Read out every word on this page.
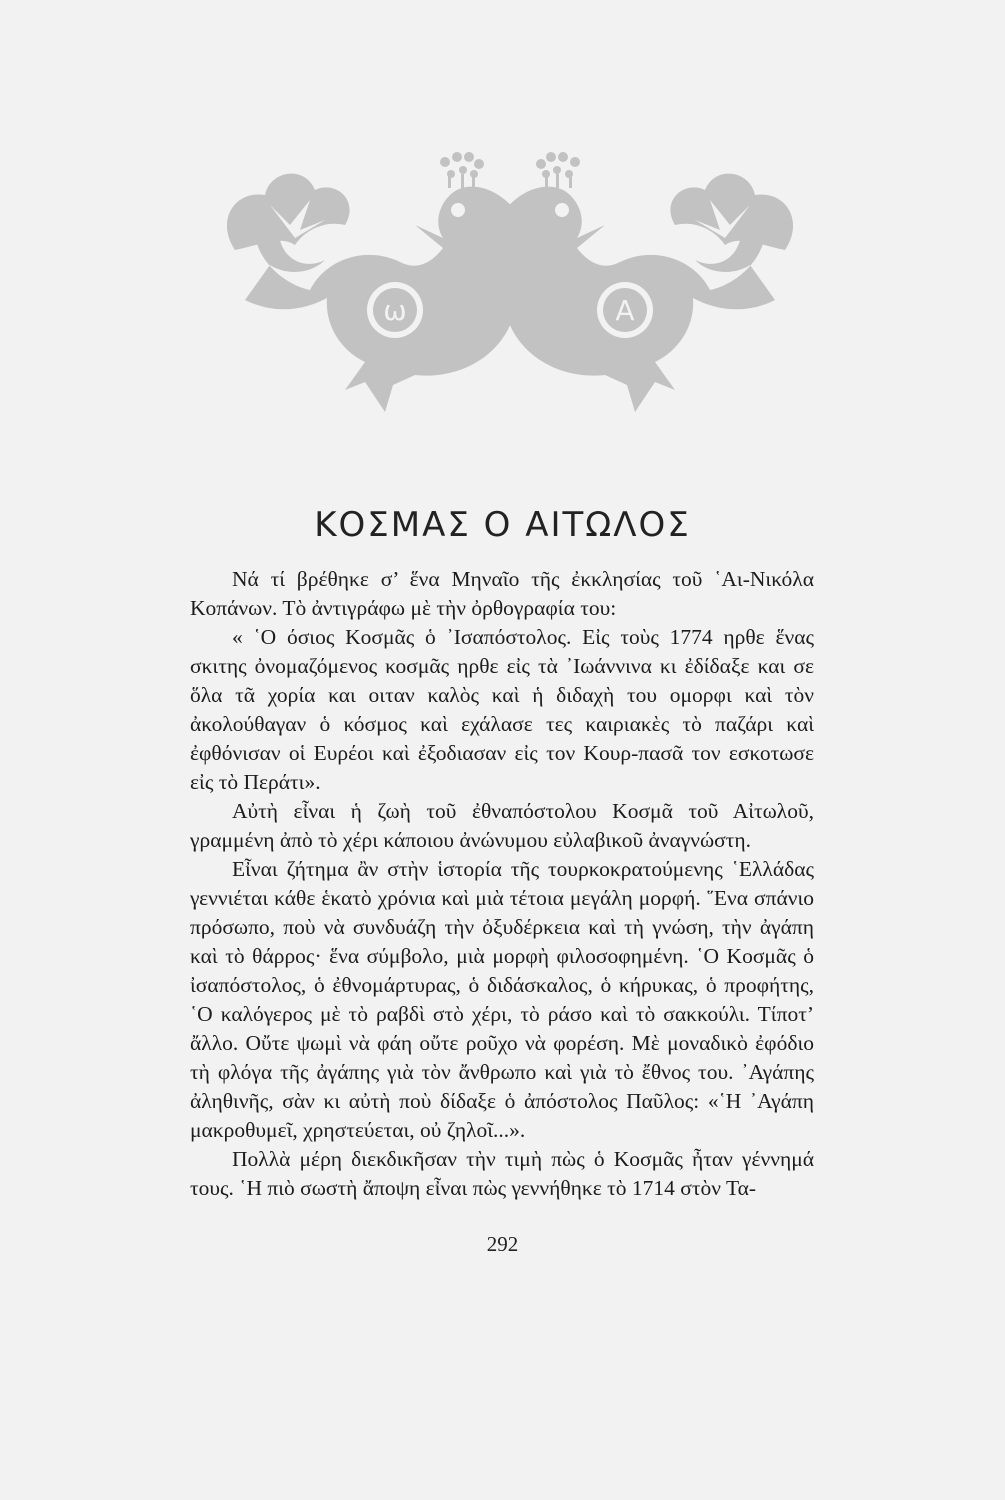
ω	Α
ΚΟΣΜΑΣ Ο ΑΙΤΩΛΟΣ

Νά τί βρέθηκε σ’ ἕνα Μηναῖο τῆς ἐκκλησίας τοῦ ῾Αι-Νικόλα Κοπάνων. Τὸ ἀντιγράφω μὲ τὴν ὀρθογραφία του:

« ῾Ο όσιος Κοσμᾶς ὁ ᾿Ισαπόστολος. Εἰς τοὺς 1774 ηρθε ἕνας σκιτης ὀνομαζόμενος κοσμᾶς ηρθε εἰς τὰ ᾿Ιωάννινα κι ἐδίδαξε και σε ὅλα τᾶ χορία και οιταν καλὸς καὶ ἡ διδαχὴ του ομορφι καὶ τὸν ἀκολούθαγαν ὁ κόσμος καὶ εχάλασε τες καιριακὲς τὸ παζάρι καὶ ἐφθόνισαν οἱ Ευρέοι καὶ ἐξοδιασαν εἰς τον Κουρ-πασᾶ τον εσκοτωσε εἰς τὸ Περάτι».

Αὐτὴ εἶναι ἡ ζωὴ τοῦ ἐθναπόστολου Κοσμᾶ τοῦ Αἰτωλοῦ, γραμμένη ἀπὸ τὸ χέρι κάποιου ἀνώνυμου εὐλαβικοῦ ἀναγνώστη.

Εἶναι ζήτημα ἂν στὴν ἱστορία τῆς τουρκοκρατούμενης ῾Ελλάδας γεννιέται κάθε ἑκατὸ χρόνια καὶ μιὰ τέτοια μεγάλη μορφή. ῞Ενα σπάνιο πρόσωπο, ποὺ νὰ συνδυάζη τὴν ὀξυδέρκεια καὶ τὴ γνώση, τὴν ἀγάπη καὶ τὸ θάρρος· ἕνα σύμβολο, μιὰ μορφὴ φιλοσοφημένη. ῾Ο Κοσμᾶς ὁ ἰσαπόστολος, ὁ ἐθνομάρτυρας, ὁ διδάσκαλος, ὁ κήρυκας, ὁ προφήτης, ῾Ο καλόγερος μὲ τὸ ραβδὶ στὸ χέρι, τὸ ράσο καὶ τὸ σακκούλι. Τίποτ’ ἄλλο. Οὔτε ψωμὶ νὰ φάη οὔτε ροῦχο νὰ φορέση. Μὲ μοναδικὸ ἐφόδιο τὴ φλόγα τῆς ἀγάπης γιὰ τὸν ἄνθρωπο καὶ γιὰ τὸ ἔθνος του. ᾿Αγάπης ἀληθινῆς, σὰν κι αὐτὴ ποὺ δίδαξε ὁ ἀπόστολος Παῦλος: «῾Η ᾿Αγάπη μακροθυμεῖ, χρηστεύεται, οὐ ζηλοῖ...».

Πολλὰ μέρη διεκδικῆσαν τὴν τιμὴ πὼς ὁ Κοσμᾶς ἦταν γέννημά τους. ῾Η πιὸ σωστὴ ἄποψη εἶναι πὼς γεννήθηκε τὸ 1714 στὸν Τα-

292
